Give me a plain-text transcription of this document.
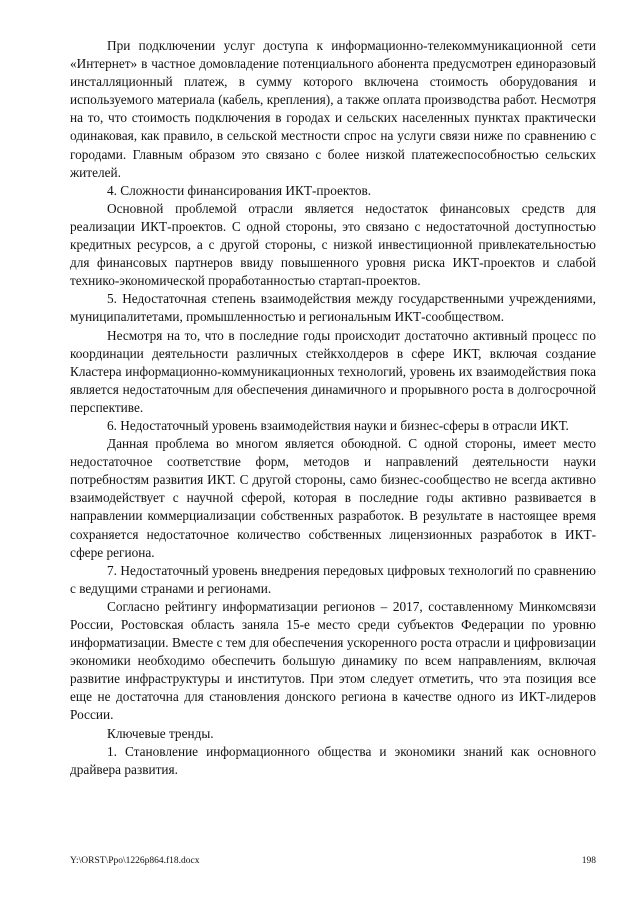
При подключении услуг доступа к информационно-телекоммуникационной сети «Интернет» в частное домовладение потенциального абонента предусмотрен единоразовый инсталляционный платеж, в сумму которого включена стоимость оборудования и используемого материала (кабель, крепления), а также оплата производства работ. Несмотря на то, что стоимость подключения в городах и сельских населенных пунктах практически одинаковая, как правило, в сельской местности спрос на услуги связи ниже по сравнению с городами. Главным образом это связано с более низкой платежеспособностью сельских жителей.

4. Сложности финансирования ИКТ-проектов.

Основной проблемой отрасли является недостаток финансовых средств для реализации ИКТ-проектов. С одной стороны, это связано с недостаточной доступностью кредитных ресурсов, а с другой стороны, с низкой инвестиционной привлекательностью для финансовых партнеров ввиду повышенного уровня риска ИКТ-проектов и слабой технико-экономической проработанностью стартап-проектов.

5. Недостаточная степень взаимодействия между государственными учреждениями, муниципалитетами, промышленностью и региональным ИКТ-сообществом.

Несмотря на то, что в последние годы происходит достаточно активный процесс по координации деятельности различных стейкхолдеров в сфере ИКТ, включая создание Кластера информационно-коммуникационных технологий, уровень их взаимодействия пока является недостаточным для обеспечения динамичного и прорывного роста в долгосрочной перспективе.

6. Недостаточный уровень взаимодействия науки и бизнес-сферы в отрасли ИКТ.

Данная проблема во многом является обоюдной. С одной стороны, имеет место недостаточное соответствие форм, методов и направлений деятельности науки потребностям развития ИКТ. С другой стороны, само бизнес-сообщество не всегда активно взаимодействует с научной сферой, которая в последние годы активно развивается в направлении коммерциализации собственных разработок. В результате в настоящее время сохраняется недостаточное количество собственных лицензионных разработок в ИКТ-сфере региона.

7. Недостаточный уровень внедрения передовых цифровых технологий по сравнению с ведущими странами и регионами.

Согласно рейтингу информатизации регионов – 2017, составленному Минкомсвязи России, Ростовская область заняла 15-е место среди субъектов Федерации по уровню информатизации. Вместе с тем для обеспечения ускоренного роста отрасли и цифровизации экономики необходимо обеспечить большую динамику по всем направлениям, включая развитие инфраструктуры и институтов. При этом следует отметить, что эта позиция все еще не достаточна для становления донского региона в качестве одного из ИКТ-лидеров России.

Ключевые тренды.

1. Становление информационного общества и экономики знаний как основного драйвера развития.

Y:\ORST\Ppo\1226p864.f18.docx	198
